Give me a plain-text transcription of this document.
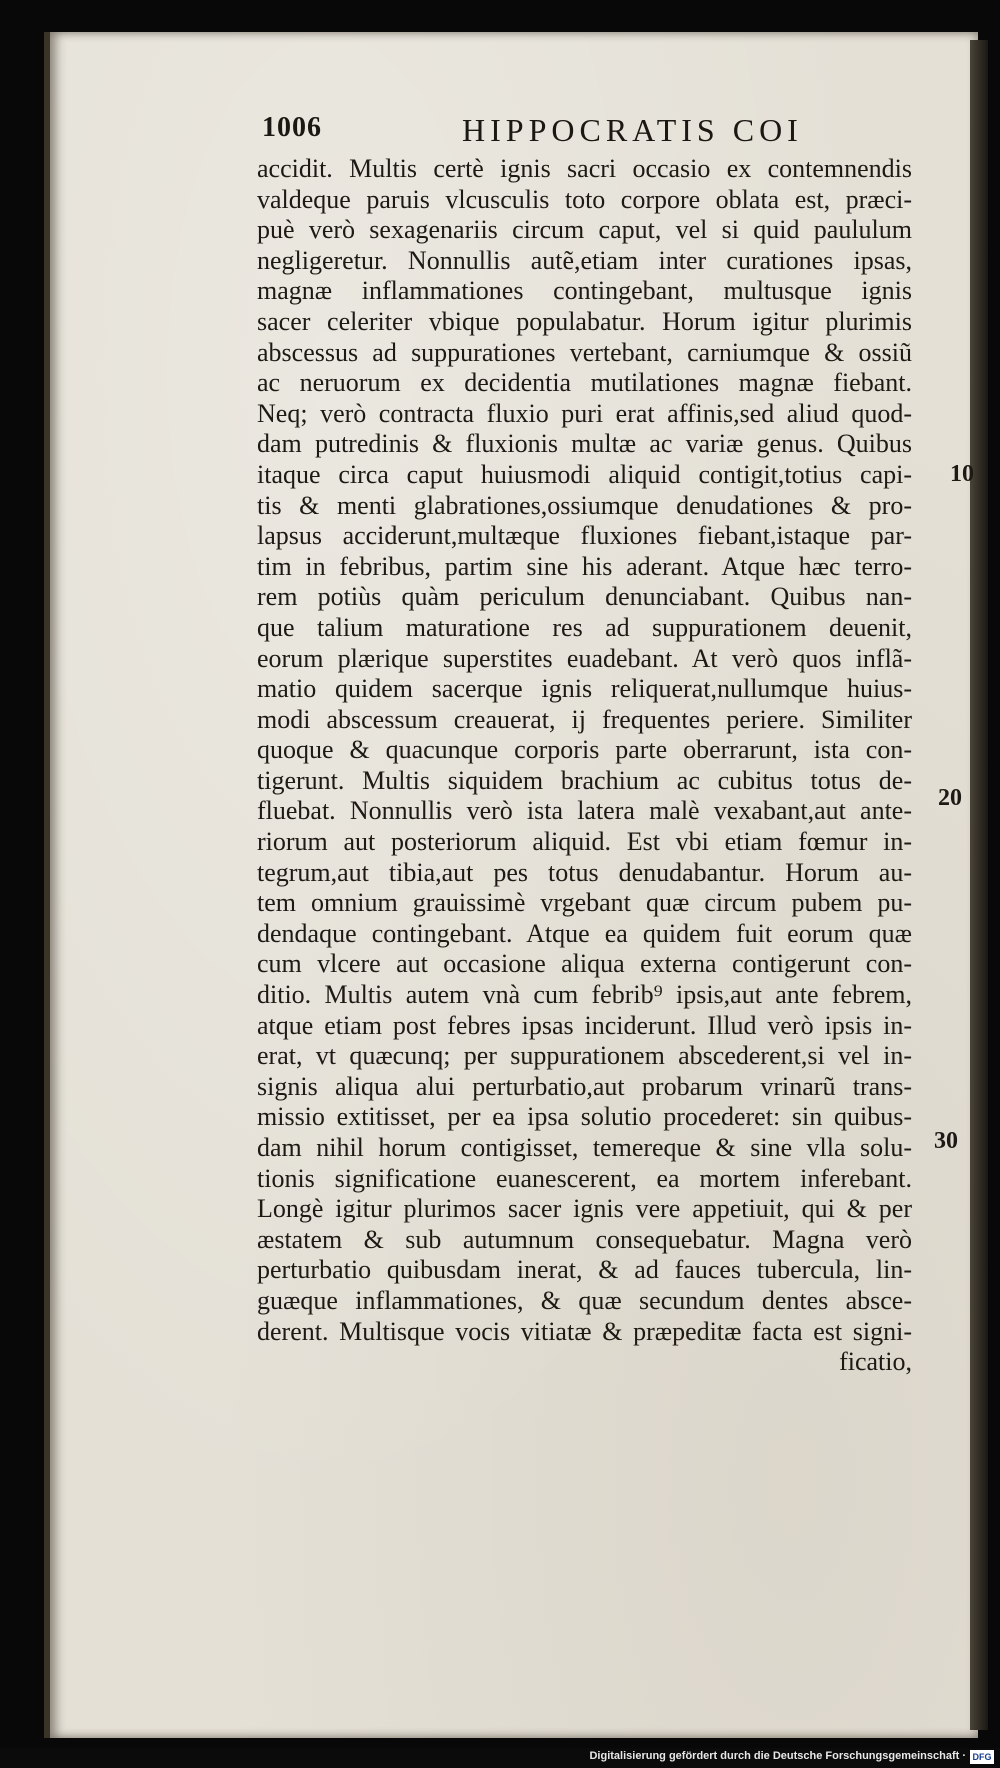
1006	HIPPOCRATIS COI
accidit. Multis certè ignis sacri occasio ex contemnendis
valdeque paruis vlcusculis toto corpore oblata est, præci-
puè verò sexagenariis circum caput, vel si quid paululum
negligeretur. Nonnullis autẽ,etiam inter curationes ipsas,
magnæ inflammationes contingebant, multusque ignis
sacer celeriter vbique populabatur. Horum igitur plurimis
abscessus ad suppurationes vertebant, carniumque & ossiũ
ac neruorum ex decidentia mutilationes magnæ fiebant.
Neq; verò contracta fluxio puri erat affinis,sed aliud quod-
dam putredinis & fluxionis multæ ac variæ genus. Quibus
itaque circa caput huiusmodi aliquid contigit,totius capi-
tis & menti glabrationes,ossiumque denudationes & pro-
lapsus acciderunt,multæque fluxiones fiebant,istaque par-
tim in febribus, partim sine his aderant. Atque hæc terro-
rem potiùs quàm periculum denunciabant. Quibus nan-
que talium maturatione res ad suppurationem deuenit,
eorum plærique superstites euadebant. At verò quos inflã-
matio quidem sacerque ignis reliquerat,nullumque huius-
modi abscessum creauerat, ij frequentes periere. Similiter
quoque & quacunque corporis parte oberrarunt, ista con-
tigerunt. Multis siquidem brachium ac cubitus totus de-
fluebat. Nonnullis verò ista latera malè vexabant,aut ante-
riorum aut posteriorum aliquid. Est vbi etiam fœmur in-
tegrum,aut tibia,aut pes totus denudabantur. Horum au-
tem omnium grauissimè vrgebant quæ circum pubem pu-
dendaque contingebant. Atque ea quidem fuit eorum quæ
cum vlcere aut occasione aliqua externa contigerunt con-
ditio. Multis autem vnà cum febrib⁹ ipsis,aut ante febrem,
atque etiam post febres ipsas inciderunt. Illud verò ipsis in-
erat, vt quæcunq; per suppurationem abscederent,si vel in-
signis aliqua alui perturbatio,aut probarum vrinarũ trans-
missio extitisset, per ea ipsa solutio procederet: sin quibus-
dam nihil horum contigisset, temereque & sine vlla solu-
tionis significatione euanescerent, ea mortem inferebant.
Longè igitur plurimos sacer ignis vere appetiuit, qui & per
æstatem & sub autumnum consequebatur. Magna verò
perturbatio quibusdam inerat, & ad fauces tubercula, lin-
guæque inflammationes, & quæ secundum dentes absce-
derent. Multisque vocis vitiatæ & præpeditæ facta est signi-
ficatio,
10
20
30
Digitalisierung gefördert durch die Deutsche Forschungsgemeinschaft · DFG
